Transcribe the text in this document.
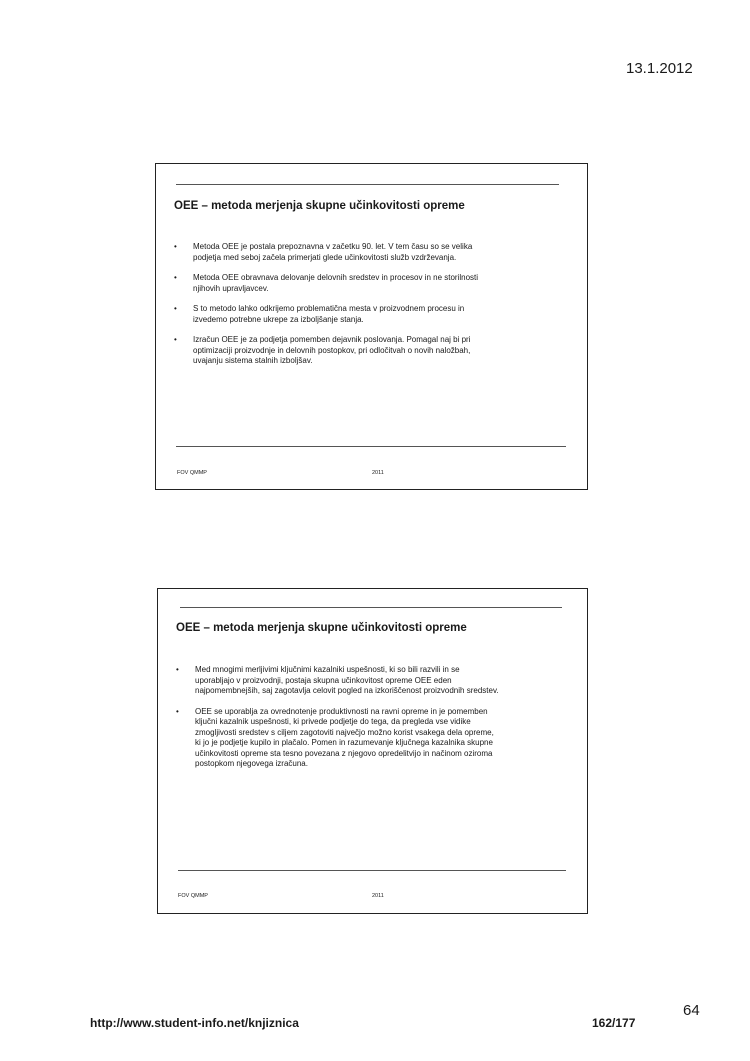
13.1.2012
OEE – metoda merjenja skupne učinkovitosti opreme
• Metoda OEE je postala prepoznavna v začetku 90. let. V tem času so se velika
podjetja med seboj začela primerjati glede učinkovitosti služb vzdrževanja.
• Metoda OEE obravnava delovanje delovnih sredstev in procesov in ne storilnosti
njihovih upravljavcev.
• S to metodo lahko odkrijemo problematična mesta v proizvodnem procesu in
izvedemo potrebne ukrepe za izboljšanje stanja.
• Izračun OEE je za podjetja pomemben dejavnik poslovanja. Pomagal naj bi pri
optimizaciji proizvodnje in delovnih postopkov, pri odločitvah o novih naložbah,
uvajanju sistema stalnih izboljšav.
FOV QMMP	2011
OEE – metoda merjenja skupne učinkovitosti opreme
• Med mnogimi merljivimi ključnimi kazalniki uspešnosti, ki so bili razvili in se
uporabljajo v proizvodnji, postaja skupna učinkovitost opreme OEE eden
najpomembnejših, saj zagotavlja celovit pogled na izkoriščenost proizvodnih sredstev.
• OEE se uporablja za ovrednotenje produktivnosti na ravni opreme in je pomemben
ključni kazalnik uspešnosti, ki privede podjetje do tega, da pregleda vse vidike
zmogljivosti sredstev s ciljem zagotoviti največjo možno korist vsakega dela opreme,
ki jo je podjetje kupilo in plačalo. Pomen in razumevanje ključnega kazalnika skupne
učinkovitosti opreme sta tesno povezana z njegovo opredelitvijo in načinom oziroma
postopkom njegovega izračuna.
FOV QMMP	2011
http://www.student-info.net/knjiznica	162/177
64
